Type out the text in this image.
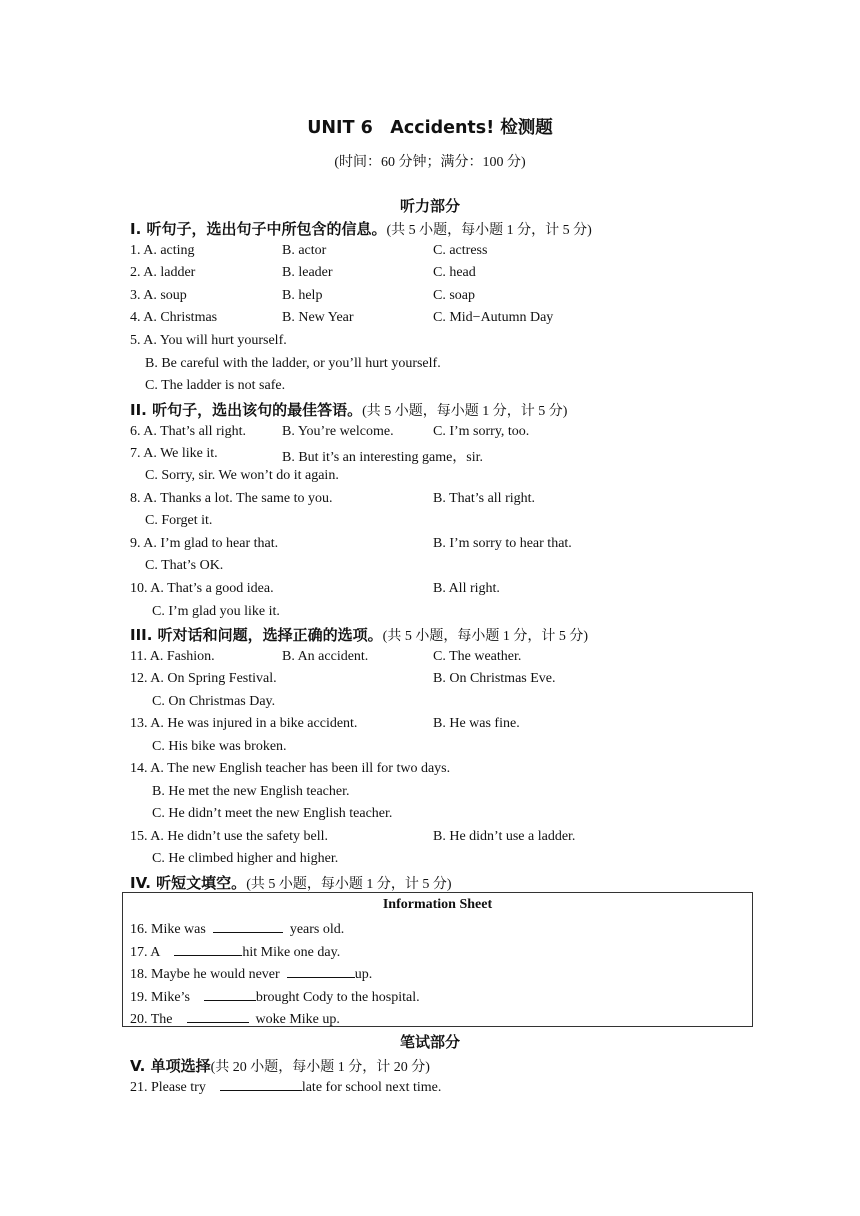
UNIT 6　Accidents! 检测题
(时间：60 分钟；满分：100 分)
听力部分
I. 听句子，选出句子中所包含的信息。(共 5 小题，每小题 1 分，计 5 分)
1. A. acting	B. actor	C. actress
2. A. ladder	B. leader	C. head
3. A. soup	B. help	C. soap
4. A. Christmas	B. New Year	C. Mid−Autumn Day
5. A. You will hurt yourself.
B. Be careful with the ladder, or you’ll hurt yourself.
C. The ladder is not safe.
II. 听句子，选出该句的最佳答语。(共 5 小题，每小题 1 分，计 5 分)
6. A. That’s all right.	B. You’re welcome.	C. I’m sorry, too.
7. A. We like it.	B. But it’s an interesting game，sir.
C. Sorry, sir. We won’t do it again.
8. A. Thanks a lot. The same to you.	B. That’s all right.
C. Forget it.
9. A. I’m glad to hear that.	B. I’m sorry to hear that.
C. That’s OK.
10. A. That’s a good idea.	B. All right.
C. I’m glad you like it.
III. 听对话和问题，选择正确的选项。(共 5 小题，每小题 1 分，计 5 分)
11. A. Fashion.	B. An accident.	C. The weather.
12. A. On Spring Festival.	B. On Christmas Eve.
C. On Christmas Day.
13. A. He was injured in a bike accident.	B. He was fine.
C. His bike was broken.
14. A. The new English teacher has been ill for two days.
B. He met the new English teacher.
C. He didn’t meet the new English teacher.
15. A. He didn’t use the safety bell.	B. He didn’t use a ladder.
C. He climbed higher and higher.
IV. 听短文填空。(共 5 小题，每小题 1 分，计 5 分)
Information Sheet
16. Mike was	years old.
17. A	hit Mike one day.
18. Maybe he would never	up.
19. Mike’s	brought Cody to the hospital.
20. The	woke Mike up.
笔试部分
V. 单项选择(共 20 小题，每小题 1 分，计 20 分)
21. Please try	late for school next time.
